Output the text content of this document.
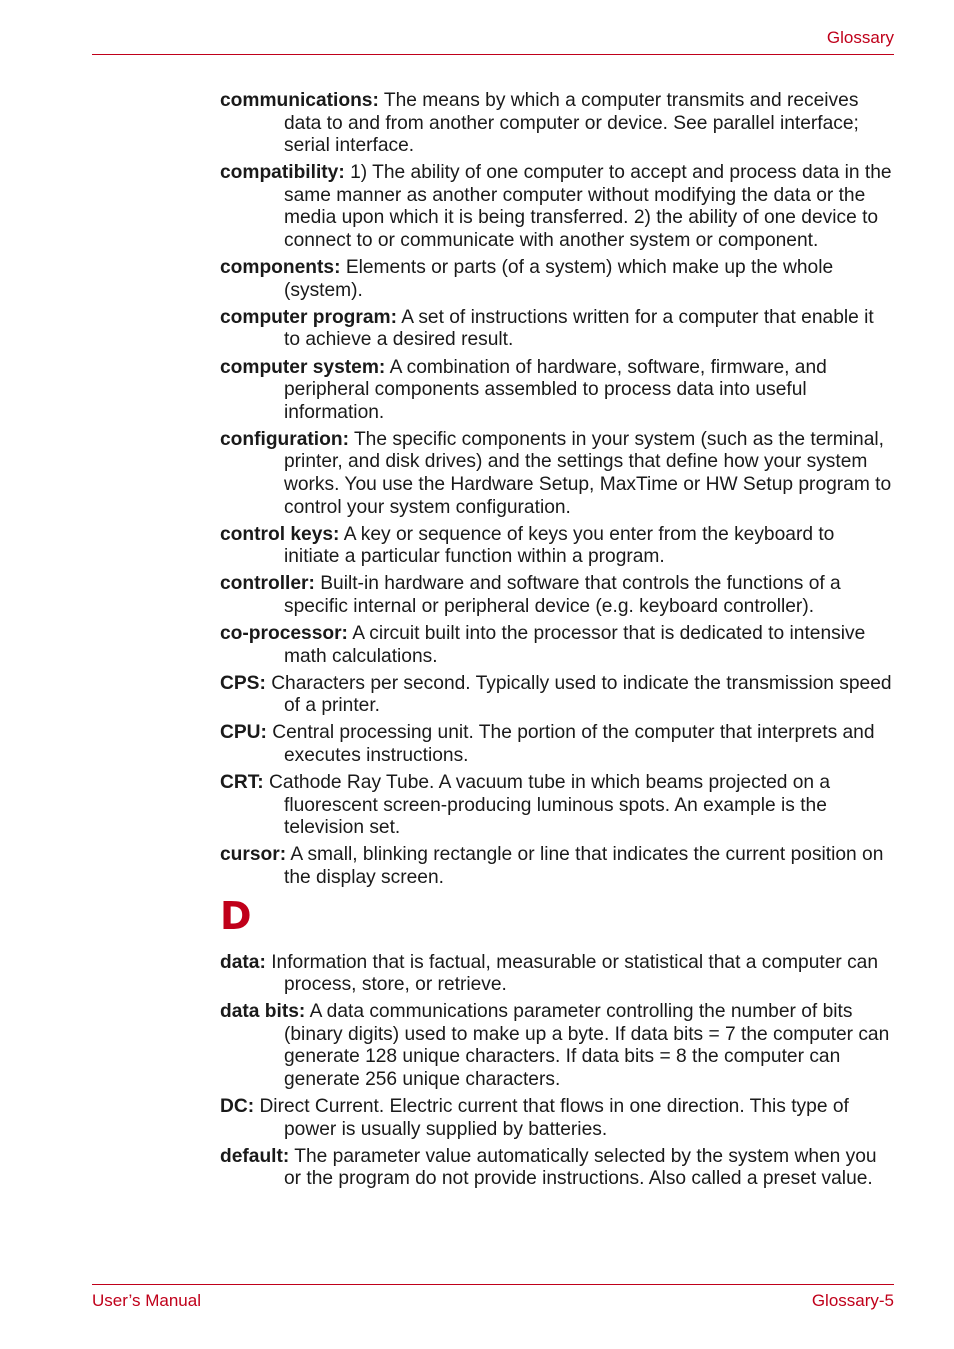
Glossary

communications: The means by which a computer transmits and receives data to and from another computer or device. See parallel interface; serial interface.

compatibility: 1) The ability of one computer to accept and process data in the same manner as another computer without modifying the data or the media upon which it is being transferred. 2) the ability of one device to connect to or communicate with another system or component.

components: Elements or parts (of a system) which make up the whole (system).

computer program: A set of instructions written for a computer that enable it to achieve a desired result.

computer system: A combination of hardware, software, firmware, and peripheral components assembled to process data into useful information.

configuration: The specific components in your system (such as the terminal, printer, and disk drives) and the settings that define how your system works. You use the Hardware Setup, MaxTime or HW Setup program to control your system configuration.

control keys: A key or sequence of keys you enter from the keyboard to initiate a particular function within a program.

controller: Built-in hardware and software that controls the functions of a specific internal or peripheral device (e.g. keyboard controller).

co-processor: A circuit built into the processor that is dedicated to intensive math calculations.

CPS: Characters per second. Typically used to indicate the transmission speed of a printer.

CPU: Central processing unit. The portion of the computer that interprets and executes instructions.

CRT: Cathode Ray Tube. A vacuum tube in which beams projected on a fluorescent screen-producing luminous spots. An example is the television set.

cursor: A small, blinking rectangle or line that indicates the current position on the display screen.

D

data: Information that is factual, measurable or statistical that a computer can process, store, or retrieve.

data bits: A data communications parameter controlling the number of bits (binary digits) used to make up a byte. If data bits = 7 the computer can generate 128 unique characters. If data bits = 8 the computer can generate 256 unique characters.

DC: Direct Current. Electric current that flows in one direction. This type of power is usually supplied by batteries.

default: The parameter value automatically selected by the system when you or the program do not provide instructions. Also called a preset value.

User’s Manual	Glossary-5
